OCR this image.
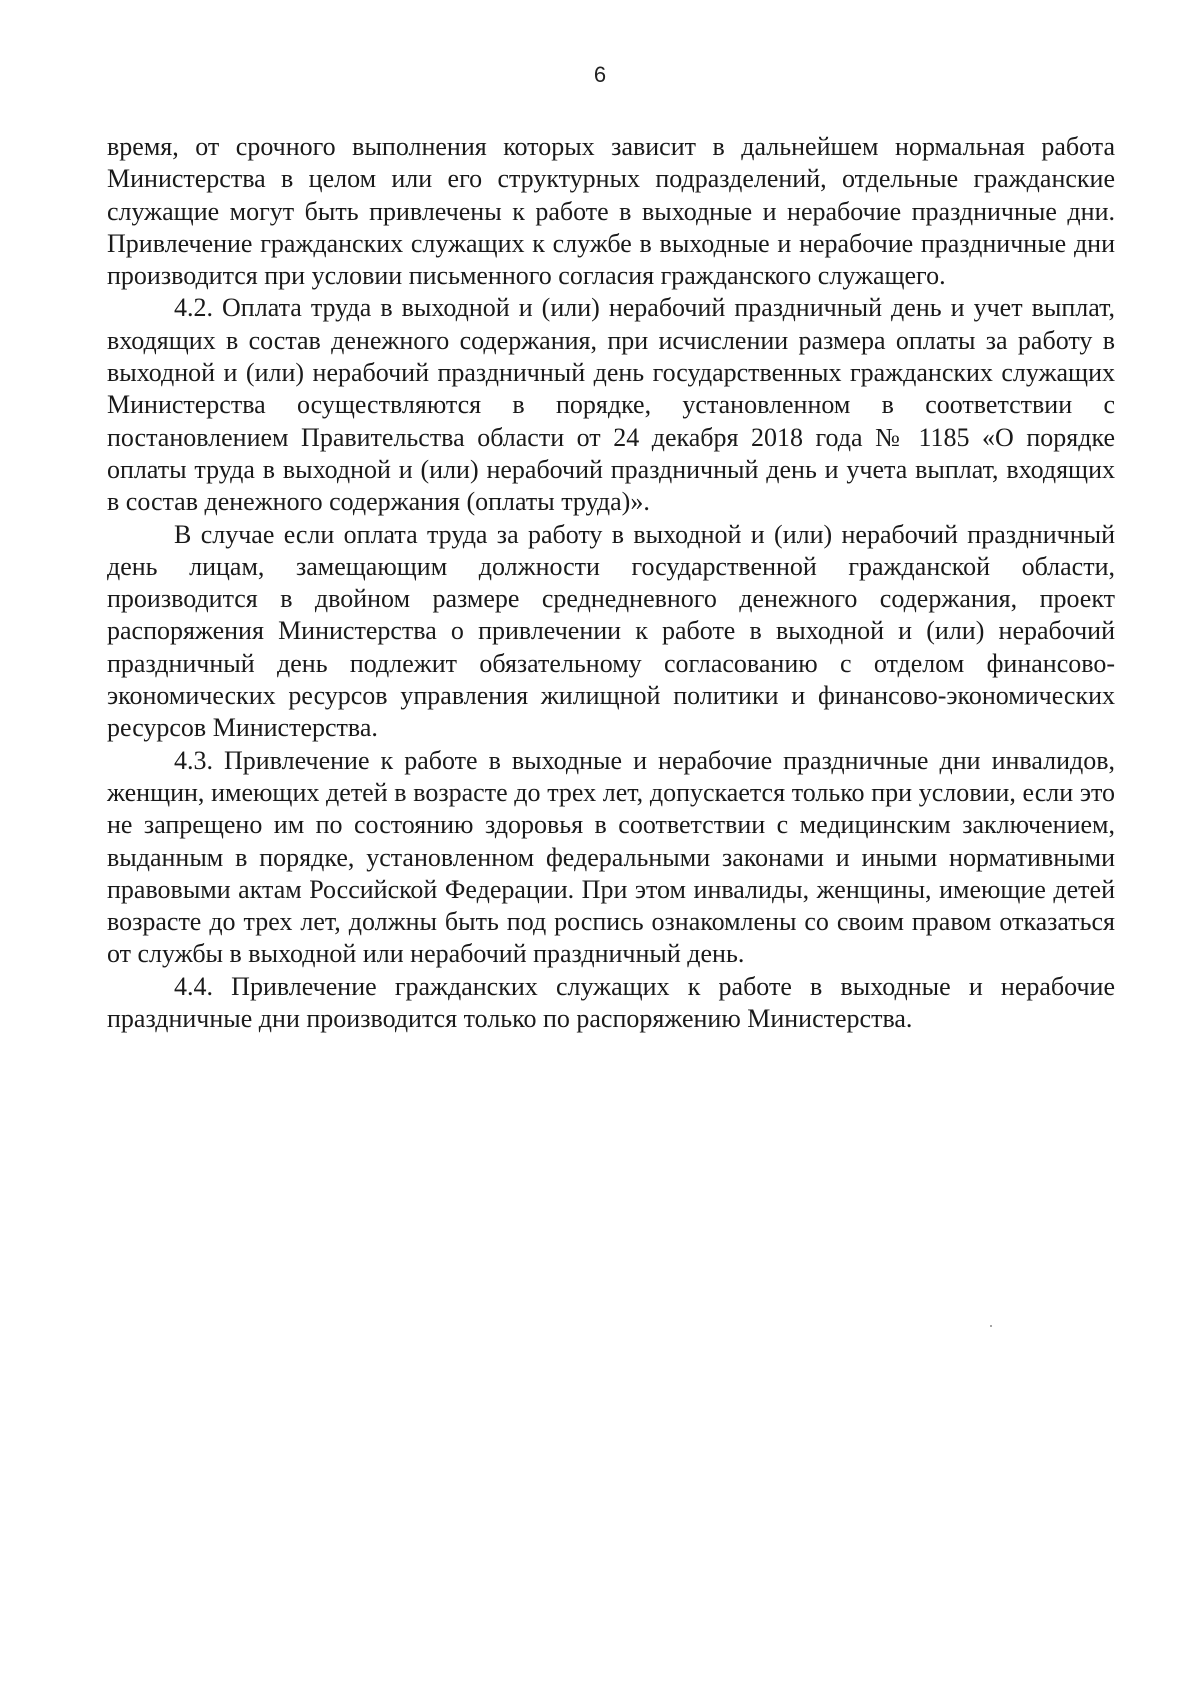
6

время, от срочного выполнения которых зависит в дальнейшем нормальная работа Министерства в целом или его структурных подразделений, отдельные гражданские служащие могут быть привлечены к работе в выходные и нерабочие праздничные дни. Привлечение гражданских служащих к службе в выходные и нерабочие праздничные дни производится при условии письменного согласия гражданского служащего.

4.2. Оплата труда в выходной и (или) нерабочий праздничный день и учет выплат, входящих в состав денежного содержания, при исчислении размера оплаты за работу в выходной и (или) нерабочий праздничный день государственных гражданских служащих Министерства осуществляются в порядке, установленном в соответствии с постановлением Правительства области от 24 декабря 2018 года № 1185 «О порядке оплаты труда в выходной и (или) нерабочий праздничный день и учета выплат, входящих в состав денежного содержания (оплаты труда)».

В случае если оплата труда за работу в выходной и (или) нерабочий праздничный день лицам, замещающим должности государственной гражданской области, производится в двойном размере среднедневного денежного содержания, проект распоряжения Министерства о привлечении к работе в выходной и (или) нерабочий праздничный день подлежит обязательному согласованию с отделом финансово-экономических ресурсов управления жилищной политики и финансово-экономических ресурсов Министерства.

4.3. Привлечение к работе в выходные и нерабочие праздничные дни инвалидов, женщин, имеющих детей в возрасте до трех лет, допускается только при условии, если это не запрещено им по состоянию здоровья в соответствии с медицинским заключением, выданным в порядке, установленном федеральными законами и иными нормативными правовыми актам Российской Федерации. При этом инвалиды, женщины, имеющие детей возрасте до трех лет, должны быть под роспись ознакомлены со своим правом отказаться от службы в выходной или нерабочий праздничный день.

4.4. Привлечение гражданских служащих к работе в выходные и нерабочие праздничные дни производится только по распоряжению Министерства.
